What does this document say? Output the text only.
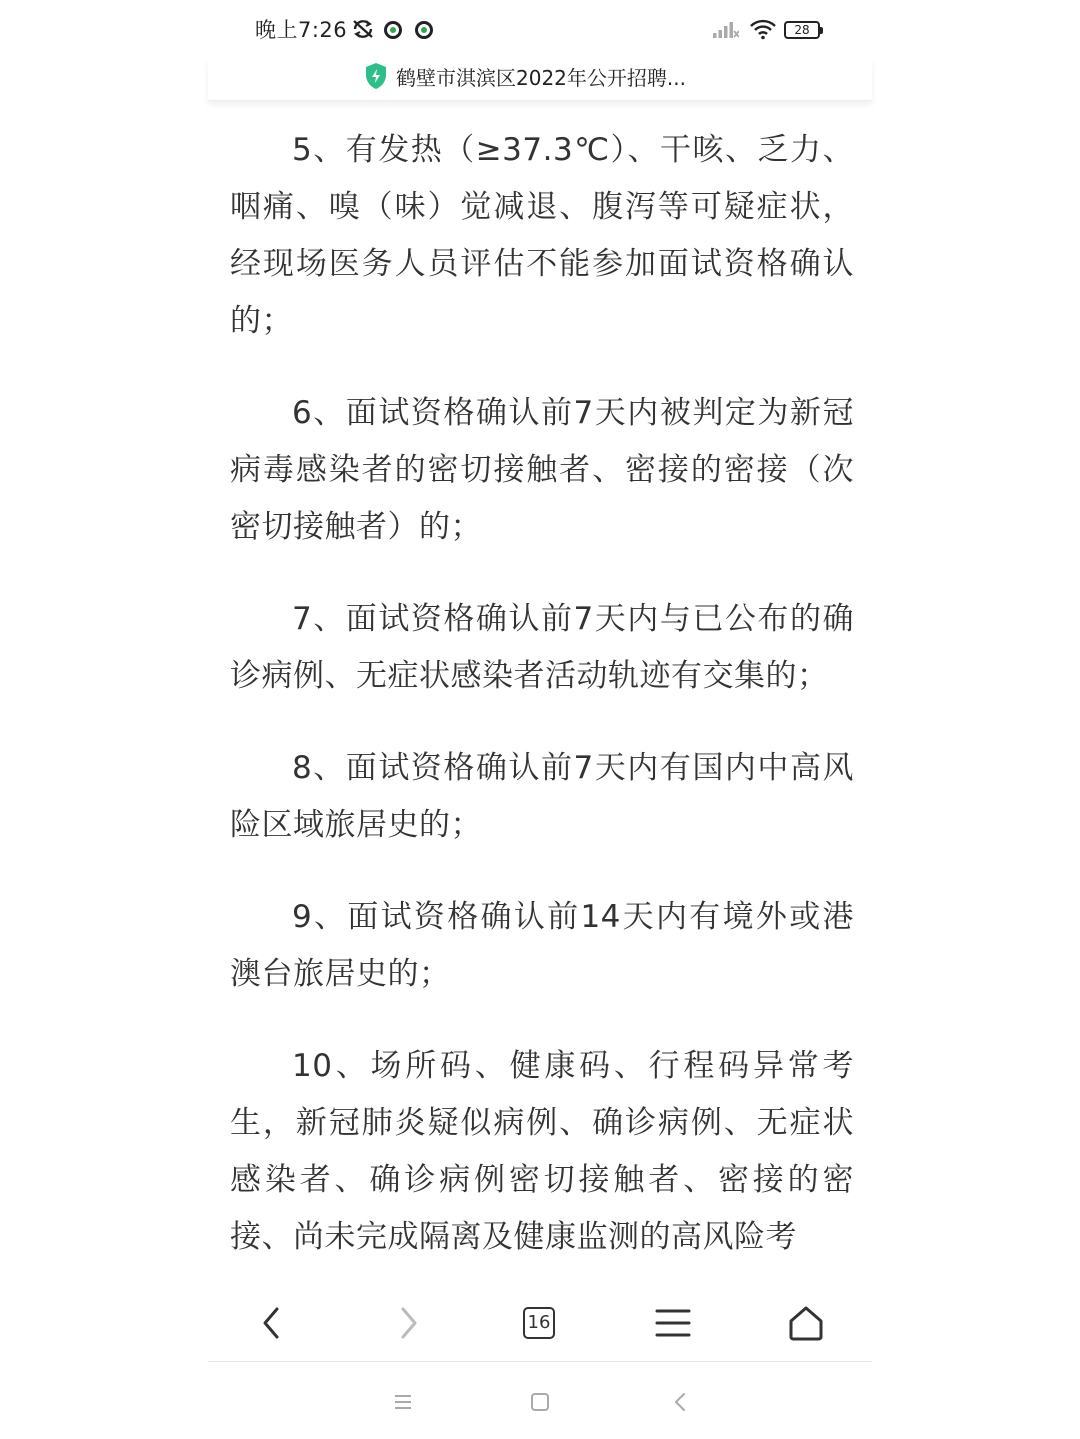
晚上7:26	28
鹤壁市淇滨区2022年公开招聘...

5、有发热（≥37.3℃）、干咳、乏力、咽痛、嗅（味）觉减退、腹泻等可疑症状，经现场医务人员评估不能参加面试资格确认的；

6、面试资格确认前7天内被判定为新冠病毒感染者的密切接触者、密接的密接（次密切接触者）的；

7、面试资格确认前7天内与已公布的确诊病例、无症状感染者活动轨迹有交集的；

8、面试资格确认前7天内有国内中高风险区域旅居史的；

9、面试资格确认前14天内有境外或港澳台旅居史的；

10、场所码、健康码、行程码异常考生，新冠肺炎疑似病例、确诊病例、无症状感染者、确诊病例密切接触者、密接的密接、尚未完成隔离及健康监测的高风险考

16
